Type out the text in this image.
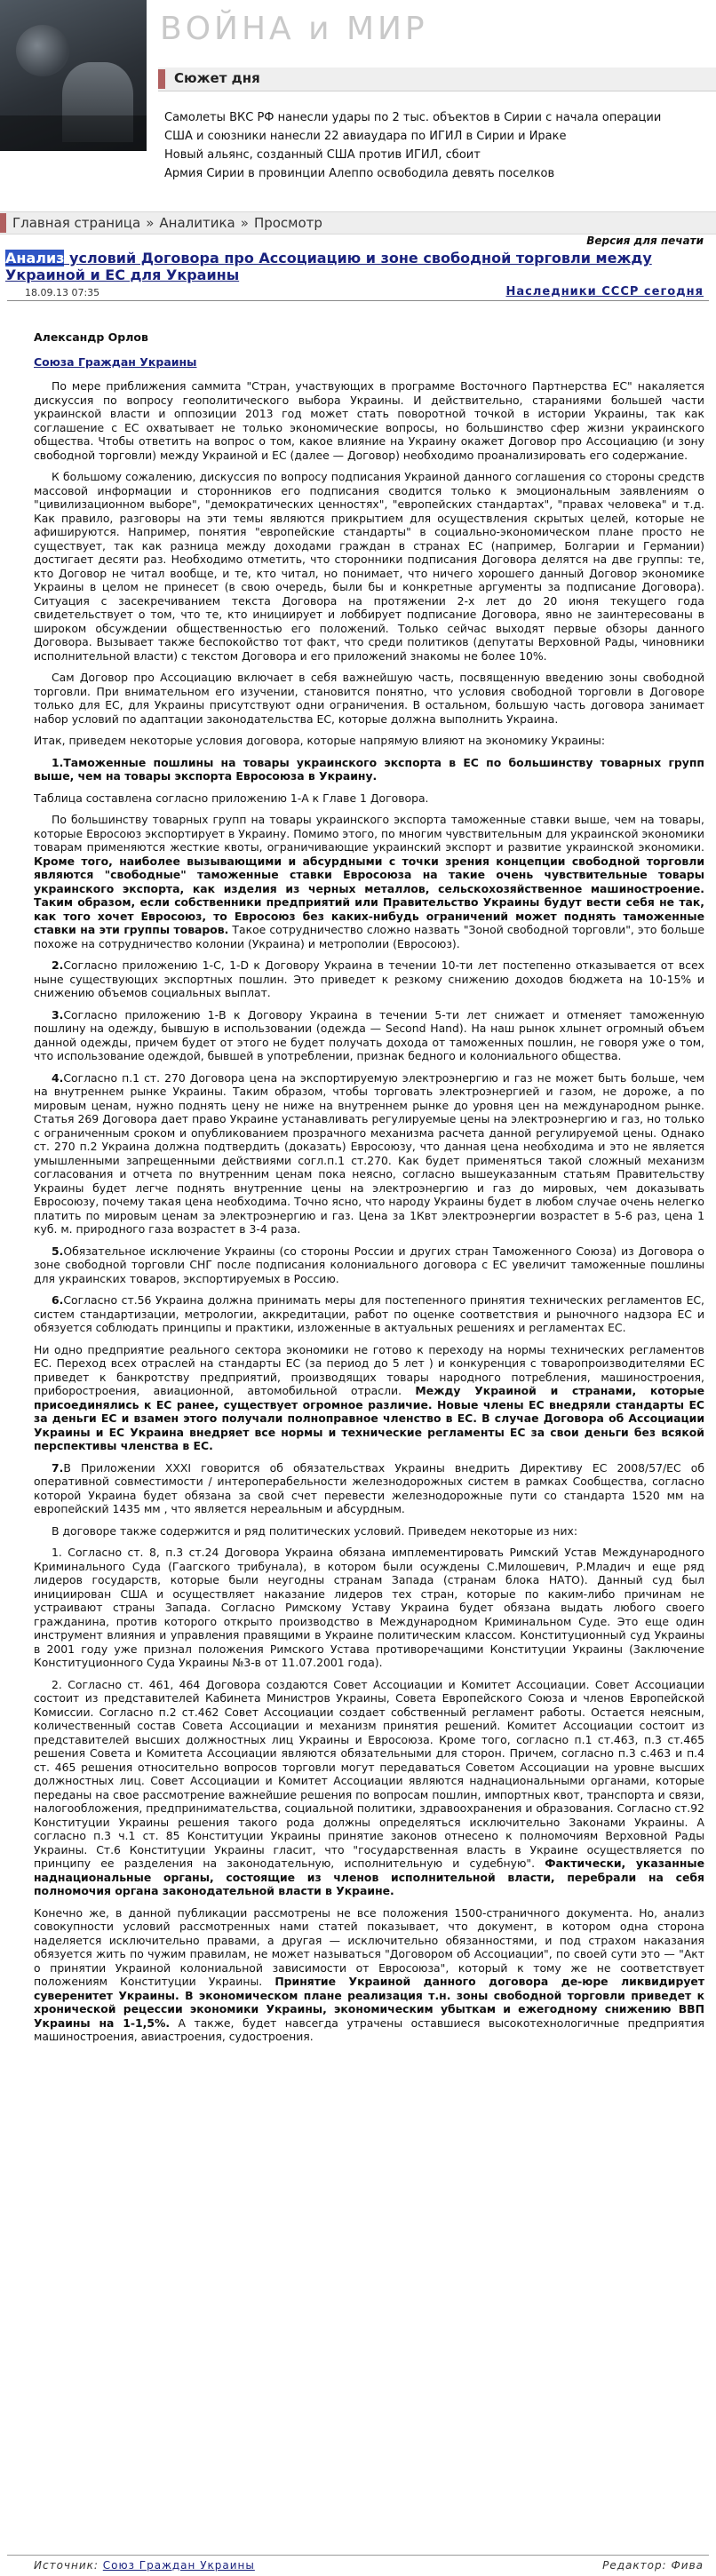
ВОЙНА и МИР
Сюжет дня
Самолеты ВКС РФ нанесли удары по 2 тыс. объектов в Сирии с начала операции
США и союзники нанесли 22 авиаудара по ИГИЛ в Сирии и Ираке
Новый альянс, созданный США против ИГИЛ, сбоит
Армия Сирии в провинции Алеппо освободила девять поселков
Главная страница » Аналитика » Просмотр
Версия для печати
Анализ условий Договора про Ассоциацию и зоне свободной торговли между Украиной и ЕС для Украины
18.09.13 07:35	Наследники СССР сегодня
Александр Орлов
Союза Граждан Украины

По мере приближения саммита "Стран, участвующих в программе Восточного Партнерства ЕС" накаляется дискуссия по вопросу геополитического выбора Украины. И действительно, стараниями большей части украинской власти и оппозиции 2013 год может стать поворотной точкой в истории Украины, так как соглашение с ЕС охватывает не только экономические вопросы, но большинство сфер жизни украинского общества. Чтобы ответить на вопрос о том, какое влияние на Украину окажет Договор про Ассоциацию (и зону свободной торговли) между Украиной и ЕС (далее — Договор) необходимо проанализировать его содержание.

К большому сожалению, дискуссия по вопросу подписания Украиной данного соглашения со стороны средств массовой информации и сторонников его подписания сводится только к эмоциональным заявлениям о "цивилизационном выборе", "демократических ценностях", "европейских стандартах", "правах человека" и т.д. Как правило, разговоры на эти темы являются прикрытием для осуществления скрытых целей, которые не афишируются. Например, понятия "европейские стандарты" в социально-экономическом плане просто не существует, так как разница между доходами граждан в странах ЕС (например, Болгарии и Германии) достигает десяти раз. Необходимо отметить, что сторонники подписания Договора делятся на две группы: те, кто Договор не читал вообще, и те, кто читал, но понимает, что ничего хорошего данный Договор экономике Украины в целом не принесет (в свою очередь, были бы и конкретные аргументы за подписание Договора). Ситуация с засекречиванием текста Договора на протяжении 2-х лет до 20 июня текущего года свидетельствует о том, что те, кто инициирует и лоббирует подписание Договора, явно не заинтересованы в широком обсуждении общественностью его положений. Только сейчас выходят первые обзоры данного Договора. Вызывает также беспокойство тот факт, что среди политиков (депутаты Верховной Рады, чиновники исполнительной власти) с текстом Договора и его приложений знакомы не более 10%.

Сам Договор про Ассоциацию включает в себя важнейшую часть, посвященную введению зоны свободной торговли. При внимательном его изучении, становится понятно, что условия свободной торговли в Договоре только для ЕС, для Украины присутствуют одни ограничения. В остальном, большую часть договора занимает набор условий по адаптации законодательства ЕС, которые должна выполнить Украина.

Итак, приведем некоторые условия договора, которые напрямую влияют на экономику Украины:

1.Таможенные пошлины на товары украинского экспорта в ЕС по большинству товарных групп выше, чем на товары экспорта Евросоюза в Украину.

Таблица составлена согласно приложению 1-А к Главе 1 Договора.

По большинству товарных групп на товары украинского экспорта таможенные ставки выше, чем на товары, которые Евросоюз экспортирует в Украину. Помимо этого, по многим чувствительным для украинской экономики товарам применяются жесткие квоты, ограничивающие украинский экспорт и развитие украинской экономики. Кроме того, наиболее вызывающими и абсурдными с точки зрения концепции свободной торговли являются "свободные" таможенные ставки Евросоюза на такие очень чувствительные товары украинского экспорта, как изделия из черных металлов, сельскохозяйственное машиностроение. Таким образом, если собственники предприятий или Правительство Украины будут вести себя не так, как того хочет Евросоюз, то Евросоюз без каких-нибудь ограничений может поднять таможенные ставки на эти группы товаров. Такое сотрудничество сложно назвать "Зоной свободной торговли", это больше похоже на сотрудничество колонии (Украина) и метрополии (Евросоюз).

2.Согласно приложению 1-С, 1-D к Договору Украина в течении 10-ти лет постепенно отказывается от всех ныне существующих экспортных пошлин. Это приведет к резкому снижению доходов бюджета на 10-15% и снижению объемов социальных выплат.

3.Согласно приложению 1-В к Договору Украина в течении 5-ти лет снижает и отменяет таможенную пошлину на одежду, бывшую в использовании (одежда — Second Hand). На наш рынок хлынет огромный объем данной одежды, причем будет от этого не будет получать дохода от таможенных пошлин, не говоря уже о том, что использование одеждой, бывшей в употреблении, признак бедного и колониального общества.

4.Согласно п.1 ст. 270 Договора цена на экспортируемую электроэнергию и газ не может быть больше, чем на внутреннем рынке Украины. Таким образом, чтобы торговать электроэнергией и газом, не дороже, а по мировым ценам, нужно поднять цену не ниже на внутреннем рынке до уровня цен на международном рынке. Статья 269 Договора дает право Украине устанавливать регулируемые цены на электроэнергию и газ, но только с ограниченным сроком и опубликованием прозрачного механизма расчета данной регулируемой цены. Однако ст. 270 п.2 Украина должна подтвердить (доказать) Евросоюзу, что данная цена необходима и это не является умышленными запрещенными действиями согл.п.1 ст.270. Как будет применяться такой сложный механизм согласования и отчета по внутренним ценам пока неясно, согласно вышеуказанным статьям Правительству Украины будет легче поднять внутренние цены на электроэнергию и газ до мировых, чем доказывать Евросоюзу, почему такая цена необходима. Точно ясно, что народу Украины будет в любом случае очень нелегко платить по мировым ценам за электроэнергию и газ. Цена за 1Квт электроэнергии возрастет в 5-6 раз, цена 1 куб. м. природного газа возрастет в 3-4 раза.

5.Обязательное исключение Украины (со стороны России и других стран Таможенного Союза) из Договора о зоне свободной торговли СНГ после подписания колониального договора с ЕС увеличит таможенные пошлины для украинских товаров, экспортируемых в Россию.

6.Согласно ст.56 Украина должна принимать меры для постепенного принятия технических регламентов ЕС, систем стандартизации, метрологии, аккредитации, работ по оценке соответствия и рыночного надзора ЕС и обязуется соблюдать принципы и практики, изложенные в актуальных решениях и регламентах ЕС.

Ни одно предприятие реального сектора экономики не готово к переходу на нормы технических регламентов ЕС. Переход всех отраслей на стандарты ЕС (за период до 5 лет ) и конкуренция с товаропроизводителями ЕС приведет к банкротству предприятий, производящих товары народного потребления, машиностроения, приборостроения, авиационной, автомобильной отрасли. Между Украиной и странами, которые присоединялись к ЕС ранее, существует огромное различие. Новые члены ЕС внедряли стандарты ЕС за деньги ЕС и взамен этого получали полноправное членство в ЕС. В случае Договора об Ассоциации Украины и ЕС Украина внедряет все нормы и технические регламенты ЕС за свои деньги без всякой перспективы членства в ЕС.

7.В Приложении XXXI говорится об обязательствах Украины внедрить Директиву ЕС 2008/57/ЕС об оперативной совместимости / интероперабельности железнодорожных систем в рамках Сообщества, согласно которой Украина будет обязана за свой счет перевести железнодорожные пути со стандарта 1520 мм на европейский 1435 мм , что является нереальным и абсурдным.

В договоре также содержится и ряд политических условий. Приведем некоторые из них:

1. Согласно ст. 8, п.3 ст.24 Договора Украина обязана имплементировать Римский Устав Международного Криминального Суда (Гаагского трибунала), в котором были осуждены С.Милошевич, Р.Младич и еще ряд лидеров государств, которые были неугодны странам Запада (странам блока НАТО). Данный суд был инициирован США и осуществляет наказание лидеров тех стран, которые по каким-либо причинам не устраивают страны Запада. Согласно Римскому Уставу Украина будет обязана выдать любого своего гражданина, против которого открыто производство в Международном Криминальном Суде. Это еще один инструмент влияния и управления правящими в Украине политическим классом. Конституционный суд Украины в 2001 году уже признал положения Римского Устава противоречащими Конституции Украины (Заключение Конституционного Суда Украины №3-в от 11.07.2001 года).

2. Согласно ст. 461, 464 Договора создаются Совет Ассоциации и Комитет Ассоциации. Совет Ассоциации состоит из представителей Кабинета Министров Украины, Совета Европейского Союза и членов Европейской Комиссии. Согласно п.2 ст.462 Совет Ассоциации создает собственный регламент работы. Остается неясным, количественный состав Совета Ассоциации и механизм принятия решений. Комитет Ассоциации состоит из представителей высших должностных лиц Украины и Евросоюза. Кроме того, согласно п.1 ст.463, п.3 ст.465 решения Совета и Комитета Ассоциации являются обязательными для сторон. Причем, согласно п.3 с.463 и п.4 ст. 465 решения относительно вопросов торговли могут передаваться Советом Ассоциации на уровне высших должностных лиц. Совет Ассоциации и Комитет Ассоциации являются наднациональными органами, которые переданы на свое рассмотрение важнейшие решения по вопросам пошлин, импортных квот, транспорта и связи, налогообложения, предпринимательства, социальной политики, здравоохранения и образования. Согласно ст.92 Конституции Украины решения такого рода должны определяться исключительно Законами Украины. А согласно п.3 ч.1 ст. 85 Конституции Украины принятие законов отнесено к полномочиям Верховной Рады Украины. Ст.6 Конституции Украины гласит, что "государственная власть в Украине осуществляется по принципу ее разделения на законодательную, исполнительную и судебную". Фактически, указанные наднациональные органы, состоящие из членов исполнительной власти, перебрали на себя полномочия органа законодательной власти в Украине.

Конечно же, в данной публикации рассмотрены не все положения 1500-страничного документа. Но, анализ совокупности условий рассмотренных нами статей показывает, что документ, в котором одна сторона наделяется исключительно правами, а другая — исключительно обязанностями, и под страхом наказания обязуется жить по чужим правилам, не может называться "Договором об Ассоциации", по своей сути это — "Акт о принятии Украиной колониальной зависимости от Евросоюза", который к тому же не соответствует положениям Конституции Украины. Принятие Украиной данного договора де-юре ликвидирует суверенитет Украины. В экономическом плане реализация т.н. зоны свободной торговли приведет к хронической рецессии экономики Украины, экономическим убыткам и ежегодному снижению ВВП Украины на 1-1,5%. А также, будет навсегда утрачены оставшиеся высокотехнологичные предприятия машиностроения, авиастроения, судостроения.

Источник: Союз Граждан Украины	Редактор: Фива
